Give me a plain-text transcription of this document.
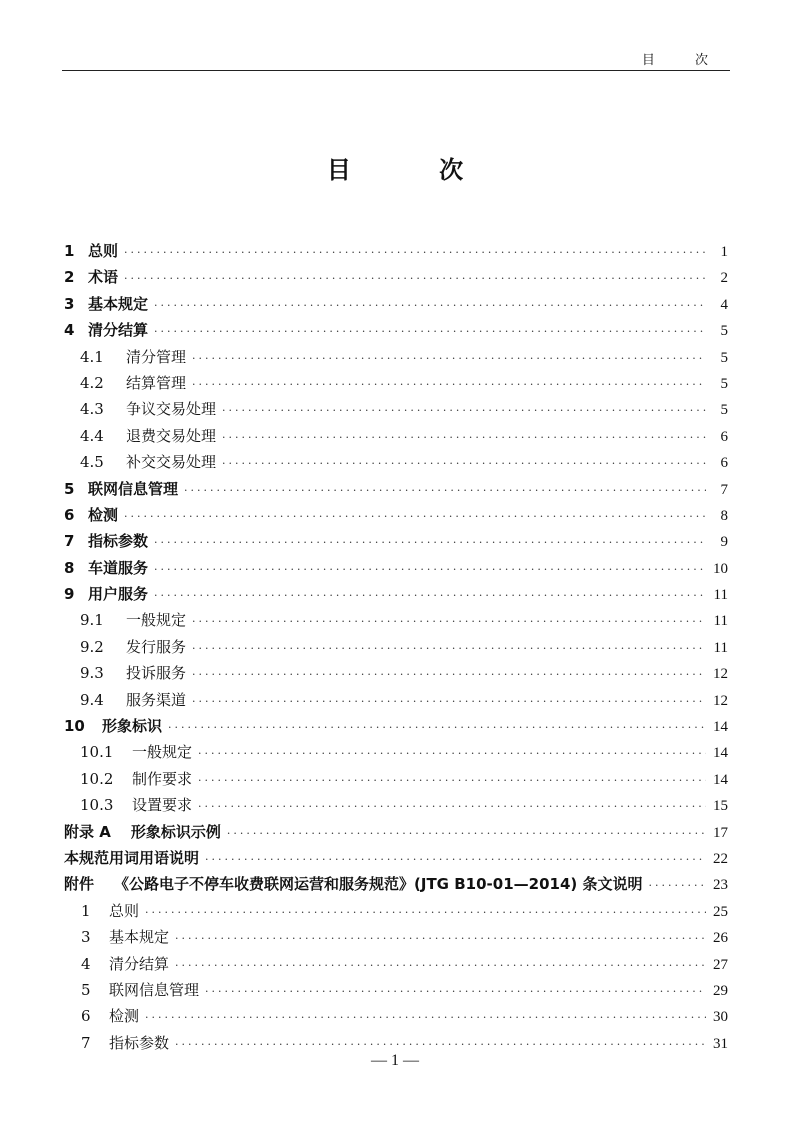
目 次
目 次
1 总则 ·····	1
2 术语 ·····	2
3 基本规定 ·····	4
4 清分结算 ·····	5
4.1	清分管理 ·····	5
4.2	结算管理 ·····	5
4.3	争议交易处理 ·····	5
4.4	退费交易处理 ·····	6
4.5	补交交易处理 ·····	6
5 联网信息管理 ·····	7
6 检测 ·····	8
7 指标参数 ·····	9
8 车道服务 ·····	10
9 用户服务 ·····	11
9.1	一般规定 ·····	11
9.2	发行服务 ·····	11
9.3	投诉服务 ·····	12
9.4	服务渠道 ·····	12
10	形象标识 ·····	14
10.1	一般规定 ·····	14
10.2	制作要求 ·····	14
10.3	设置要求 ·····	15
附录 A	形象标识示例 ·····	17
本规范用词用语说明 ·····	22
附件	《公路电子不停车收费联网运营和服务规范》(JTG B10-01—2014) 条文说明 ·····	23
1	总则 ·····	25
3	基本规定 ·····	26
4	清分结算 ·····	27
5	联网信息管理 ·····	29
6	检测 ·····	30
7	指标参数 ·····	31
— 1 —
